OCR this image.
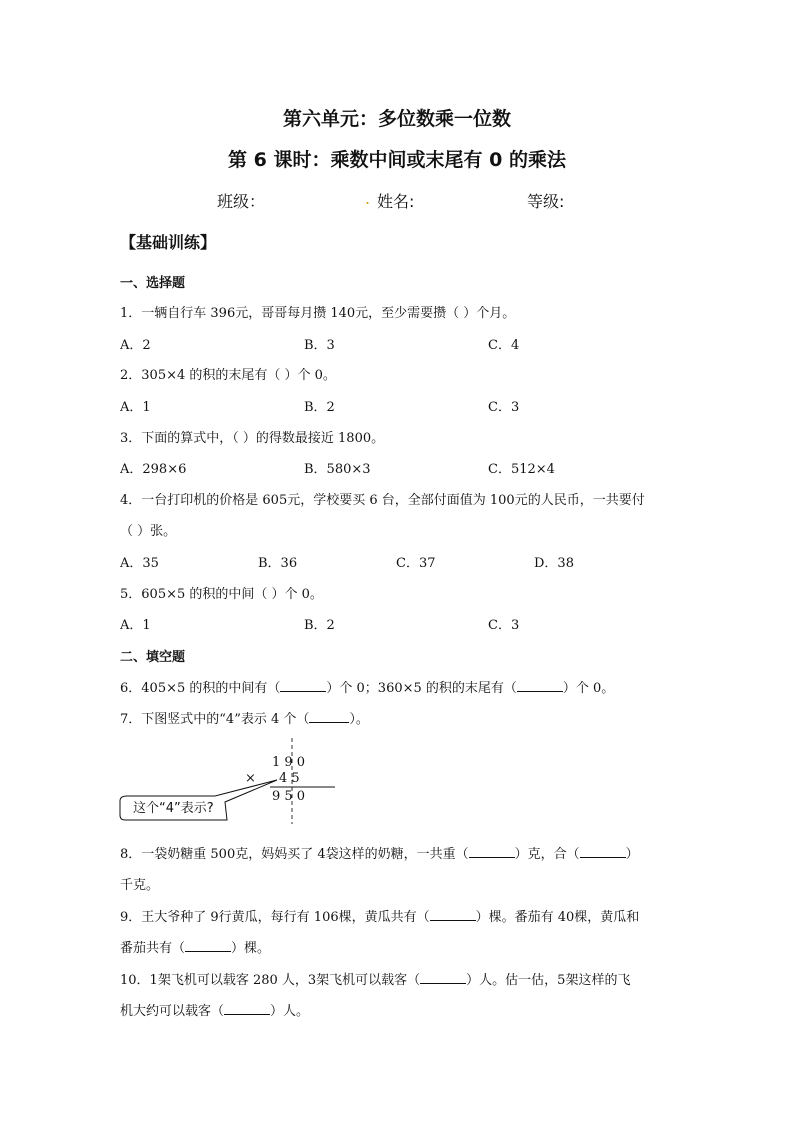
第六单元：多位数乘一位数
第 6 课时：乘数中间或末尾有 0 的乘法
班级：	. 姓名:	等级:
【基础训练】
一、选择题
1．一辆自行车 396元，哥哥每月攒 140元，至少需要攒（ ）个月。
A．2	B．3	C．4
2．305×4 的积的末尾有（ ）个 0。
A．1	B．2	C．3
3．下面的算式中，（ ）的得数最接近 1800。
A．298×6	B．580×3	C．512×4
4．一台打印机的价格是 605元，学校要买 6 台，全部付面值为 100元的人民币，一共要付
（ ）张。
A．35	B．36	C．37	D．38
5．605×5 的积的中间（ ）个 0。
A．1	B．2	C．3
二、填空题
6．405×5 的积的中间有（	）个 0；360×5 的积的末尾有（	）个 0。
7．下图竖式中的“4”表示 4 个（	）。
1 9 0
× 4 5
9 5 0
这个“4”表示?
8．一袋奶糖重 500克，妈妈买了 4袋这样的奶糖，一共重（	）克，合（	）
千克。
9．王大爷种了 9行黄瓜，每行有 106棵，黄瓜共有（	）棵。番茄有 40棵，黄瓜和
番茄共有（	）棵。
10．1架飞机可以载客 280 人，3架飞机可以载客（	）人。估一估，5架这样的飞
机大约可以载客（	）人。
